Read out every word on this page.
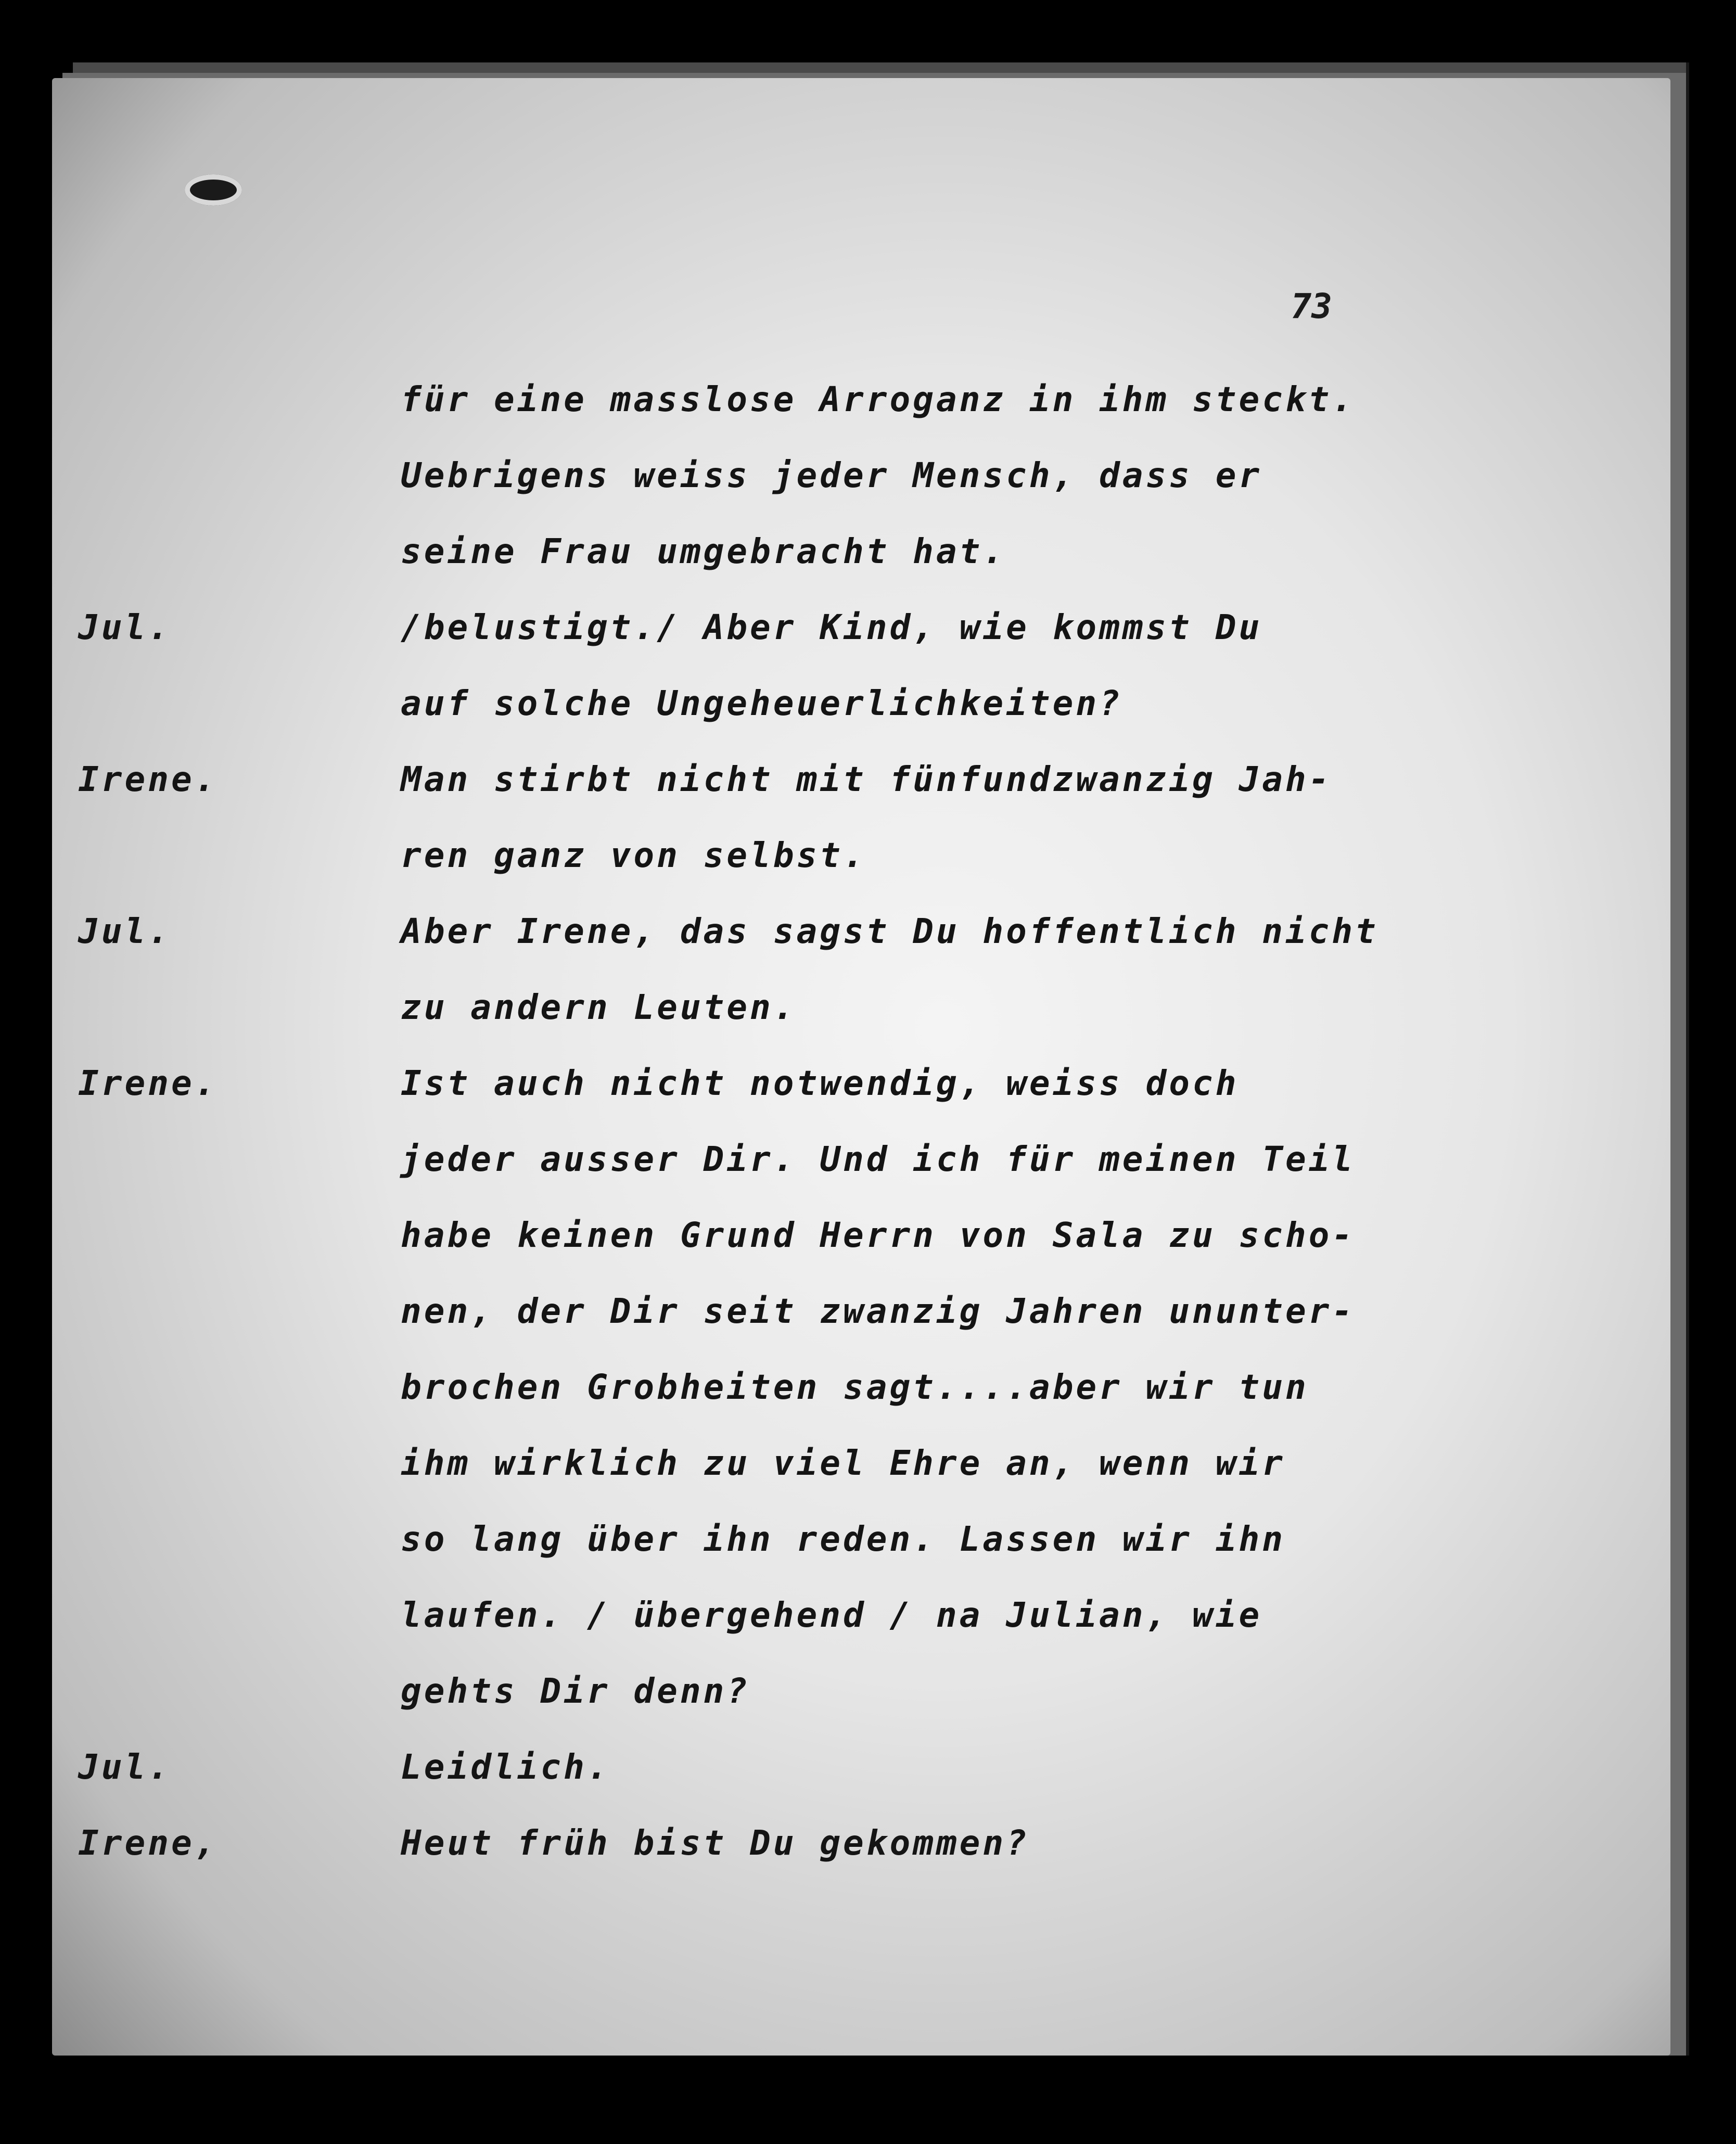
73
für eine masslose Arroganz in ihm steckt.
Uebrigens weiss jeder Mensch, dass er
seine Frau umgebracht hat.
Jul.	/belustigt./ Aber Kind, wie kommst Du
auf solche Ungeheuerlichkeiten?
Irene.	Man stirbt nicht mit fünfundzwanzig Jah-
ren ganz von selbst.
Jul.	Aber Irene, das sagst Du hoffentlich nicht
zu andern Leuten.
Irene.	Ist auch nicht notwendig, weiss doch
jeder ausser Dir. Und ich für meinen Teil
habe keinen Grund Herrn von Sala zu scho-
nen, der Dir seit zwanzig Jahren ununter-
brochen Grobheiten sagt....aber wir tun
ihm wirklich zu viel Ehre an, wenn wir
so lang über ihn reden. Lassen wir ihn
laufen. / übergehend / na Julian, wie
gehts Dir denn?
Jul.	Leidlich.
Irene,	Heut früh bist Du gekommen?
